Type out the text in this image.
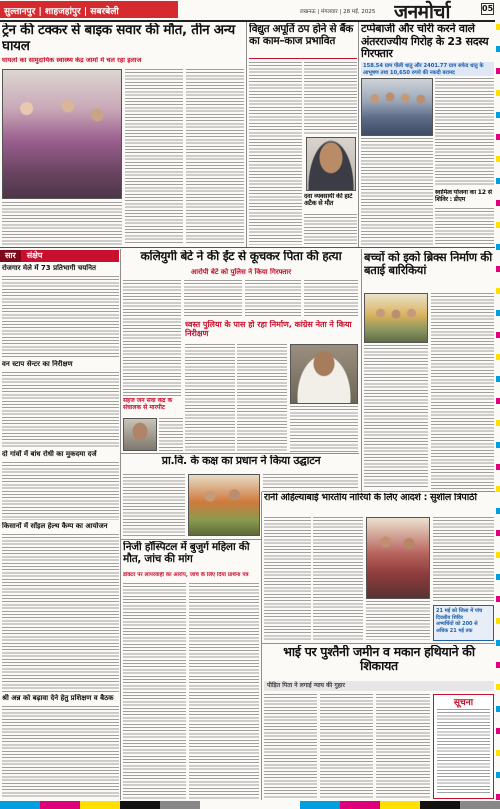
सुल्तानपुर | शाहजहांपुर | सबरबेली	लखनऊ | मंगलवार | 28 मई, 2025 जनमोर्चा	05
ट्रेन की टक्कर से बाइक सवार की मौत, तीन अन्य घायल
घायलों का सामुदायिक स्वास्थ्य केंद्र जामों में चल रहा इलाज
विद्युत अपूर्ति ठप होने से बैंक का काम–काज प्रभावित
दवा व्यवसायी की हार्ट अटैक से मौत
टप्पेबाजी और चोरी करने वाले अंतरराज्यीय गिरोह के 23 सदस्य गिरफ्तार
158.54 ग्राम पीली धातु और 2401.77 ग्राम सफेद धातु के आभूषण तथा 10,650 रुपये की नकदी बरामद
स्वामित्व योजना का 12 से शिविर : डीएम
सार संक्षेप
रोजगार मेले में 73 प्रतिभागी चयनित
वन स्टाप सेन्टर का निरीक्षण
दो गांवों में बांध रोधी का मुकदमा दर्ज
किसानों में सॉइल हेल्थ कैम्प का आयोजन
श्री अन्न को बढ़ावा देने हेतु प्रशिक्षण व बैठक
कलियुगी बेटे ने की ईंट से कूचकर पिता की हत्या
आरोपी बेटे को पुलिस ने किया गिरफ्तार
ध्वस्त पुलिया के पास हो रहा निर्माण, कांग्रेस नेता ने किया निरीक्षण
सहज जन सेवा केंद्र के संचालक से मारपीट
प्रा.वि. के कक्ष का प्रधान ने किया उद्घाटन
बच्चों को इको ब्रिक्स निर्माण की बताई बारिकियां
रानी अहिल्याबाई भारतीय नारियों के लिए आदर्श : सुशील त्रिपाठी
21 मई को जिला में पांच दिवसीय शिविर
अभ्यर्थियों को 200 से अधिक 21 मई तक
निजी हॉस्पिटल में बुजुर्ग महिला की मौत, जांच की मांग
डॉक्टर पर लापरवाही का आरोप, जांच के लिए दिया प्रार्थना पत्र
भाई पर पुश्तैनी जमीन व मकान हथियाने की शिकायत
पीड़ित पिता ने लगाई न्याय की गुहार
सूचना
